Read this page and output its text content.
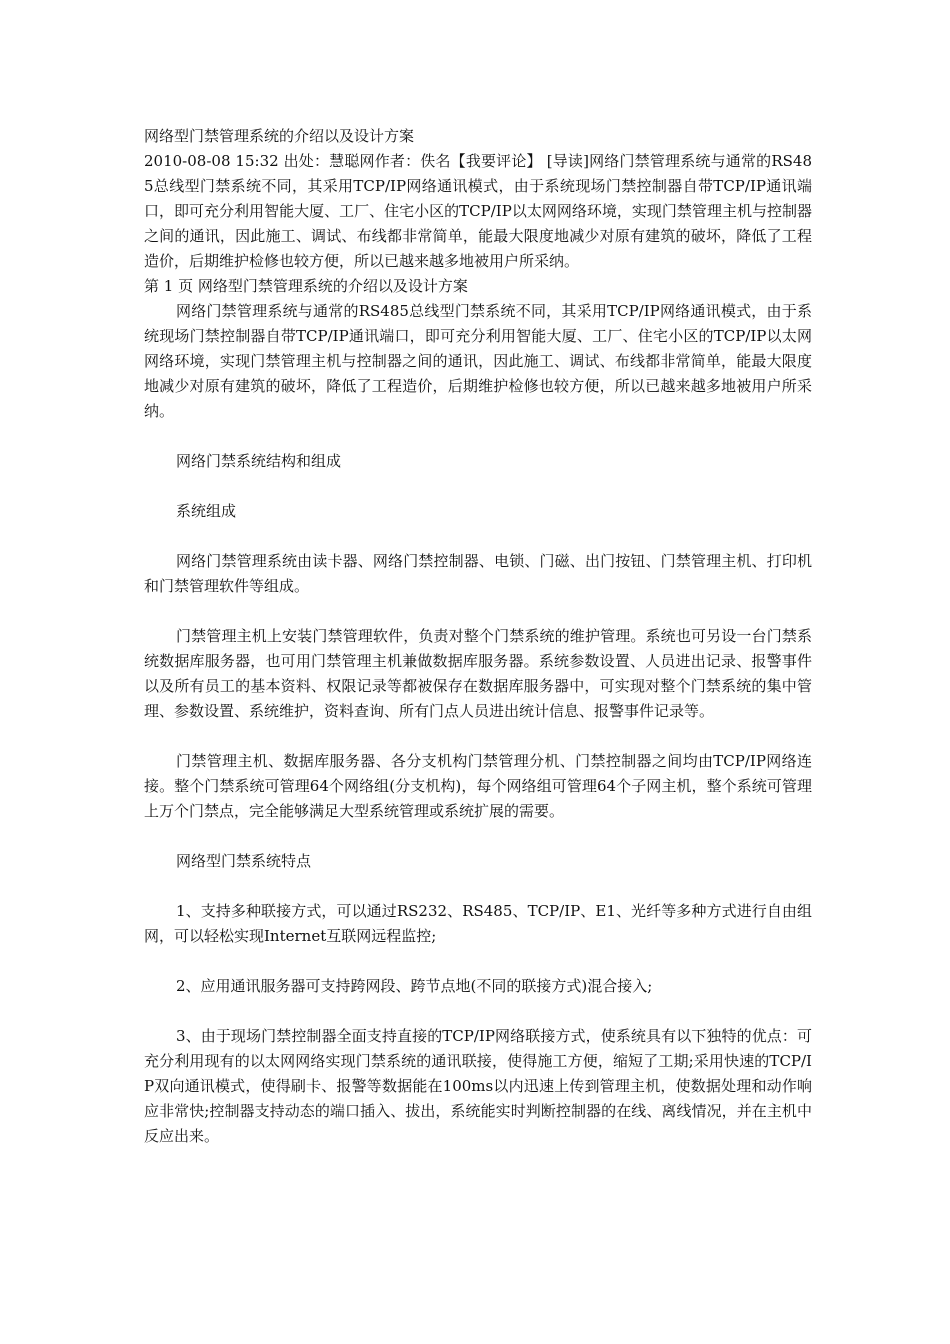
网络型门禁管理系统的介绍以及设计方案

2010-08-08 15:32 出处：慧聪网作者：佚名【我要评论】 [导读]网络门禁管理系统与通常的RS485总线型门禁系统不同，其采用TCP/IP网络通讯模式，由于系统现场门禁控制器自带TCP/IP通讯端口，即可充分利用智能大厦、工厂、住宅小区的TCP/IP以太网网络环境，实现门禁管理主机与控制器之间的通讯，因此施工、调试、布线都非常简单，能最大限度地减少对原有建筑的破坏，降低了工程造价，后期维护检修也较方便，所以已越来越多地被用户所采纳。

第 1 页 网络型门禁管理系统的介绍以及设计方案

网络门禁管理系统与通常的RS485总线型门禁系统不同，其采用TCP/IP网络通讯模式，由于系统现场门禁控制器自带TCP/IP通讯端口，即可充分利用智能大厦、工厂、住宅小区的TCP/IP以太网网络环境，实现门禁管理主机与控制器之间的通讯，因此施工、调试、布线都非常简单，能最大限度地减少对原有建筑的破坏，降低了工程造价，后期维护检修也较方便，所以已越来越多地被用户所采纳。

网络门禁系统结构和组成

系统组成

网络门禁管理系统由读卡器、网络门禁控制器、电锁、门磁、出门按钮、门禁管理主机、打印机和门禁管理软件等组成。

门禁管理主机上安装门禁管理软件，负责对整个门禁系统的维护管理。系统也可另设一台门禁系统数据库服务器，也可用门禁管理主机兼做数据库服务器。系统参数设置、人员进出记录、报警事件以及所有员工的基本资料、权限记录等都被保存在数据库服务器中，可实现对整个门禁系统的集中管理、参数设置、系统维护，资料查询、所有门点人员进出统计信息、报警事件记录等。

门禁管理主机、数据库服务器、各分支机构门禁管理分机、门禁控制器之间均由TCP/IP网络连接。整个门禁系统可管理64个网络组(分支机构)，每个网络组可管理64个子网主机，整个系统可管理上万个门禁点，完全能够满足大型系统管理或系统扩展的需要。

网络型门禁系统特点

1、支持多种联接方式，可以通过RS232、RS485、TCP/IP、E1、光纤等多种方式进行自由组网，可以轻松实现Internet互联网远程监控;

2、应用通讯服务器可支持跨网段、跨节点地(不同的联接方式)混合接入;

3、由于现场门禁控制器全面支持直接的TCP/IP网络联接方式，使系统具有以下独特的优点：可充分利用现有的以太网网络实现门禁系统的通讯联接，使得施工方便，缩短了工期;采用快速的TCP/IP双向通讯模式，使得刷卡、报警等数据能在100ms以内迅速上传到管理主机，使数据处理和动作响应非常快;控制器支持动态的端口插入、拔出，系统能实时判断控制器的在线、离线情况，并在主机中反应出来。
